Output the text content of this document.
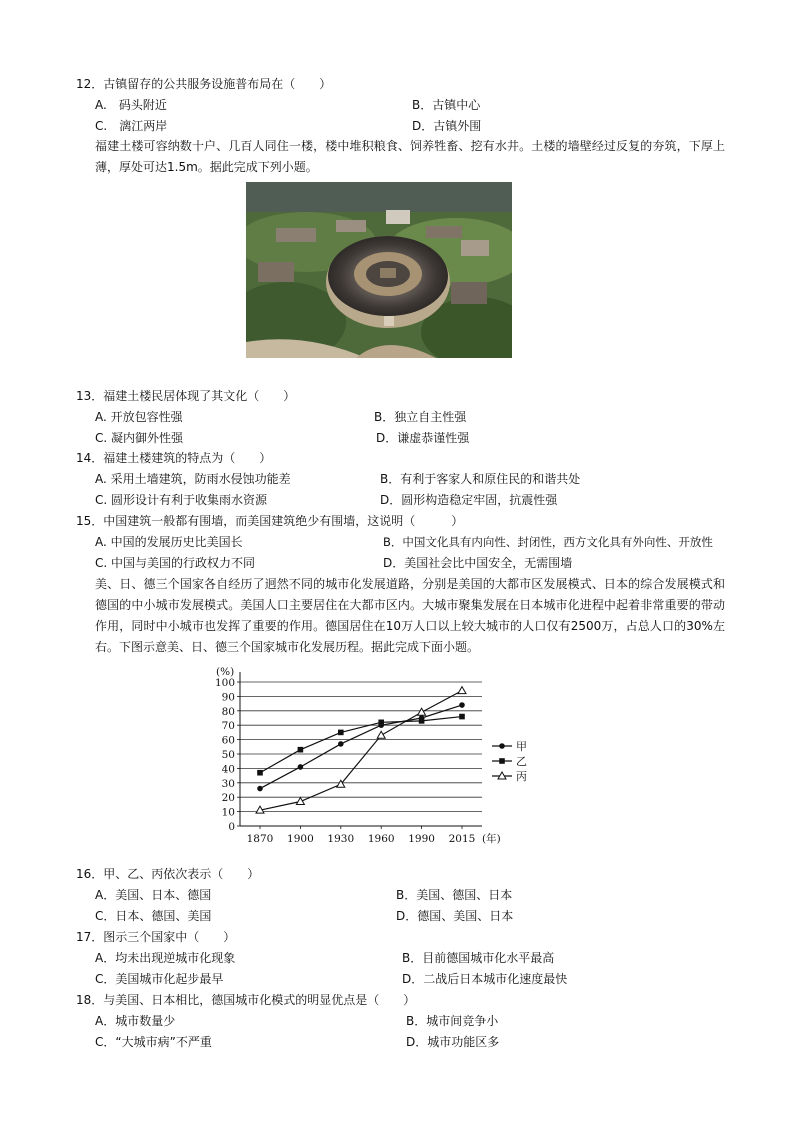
12．古镇留存的公共服务设施普布局在（　　）
A.　码头附近	B．古镇中心
C.　漓江两岸	D．古镇外围
福建土楼可容纳数十户、几百人同住一楼，楼中堆积粮食、饲养牲畜、挖有水井。土楼的墙壁经过反复的夯筑，下厚上薄，厚处可达1.5m。据此完成下列小题。
13．福建土楼民居体现了其文化（　　）
A. 开放包容性强	B．独立自主性强
C. 凝内御外性强	D．谦虚恭谨性强
14．福建土楼建筑的特点为（　　）
A. 采用土墙建筑，防雨水侵蚀功能差	B．有利于客家人和原住民的和谐共处
C. 圆形设计有利于收集雨水资源	D．圆形构造稳定牢固，抗震性强
15．中国建筑一般都有围墙，而美国建筑绝少有围墙，这说明（　　　）
A. 中国的发展历史比美国长	B．中国文化具有内向性、封闭性，西方文化具有外向性、开放性
C. 中国与美国的行政权力不同	D．美国社会比中国安全，无需围墙
美、日、德三个国家各自经历了迥然不同的城市化发展道路，分别是美国的大都市区发展模式、日本的综合发展模式和德国的中小城市发展模式。美国人口主要居住在大都市区内。大城市聚集发展在日本城市化进程中起着非常重要的带动作用，同时中小城市也发挥了重要的作用。德国居住在10万人口以上较大城市的人口仅有2500万，占总人口的30%左右。下图示意美、日、德三个国家城市化发展历程。据此完成下面小题。
0
10
20
30
40
50
60
70
80
90
100
(%)
1870 1900 1930 1960 1990 2015 (年)
甲
乙
丙
16．甲、乙、丙依次表示（　　）
A．美国、日本、德国	B．美国、德国、日本
C．日本、德国、美国	D．德国、美国、日本
17．图示三个国家中（　　）
A．均未出现逆城市化现象	B．目前德国城市化水平最高
C．美国城市化起步最早	D．二战后日本城市化速度最快
18．与美国、日本相比，德国城市化模式的明显优点是（　　）
A．城市数量少	B．城市间竞争小
C．“大城市病”不严重	D．城市功能区多
